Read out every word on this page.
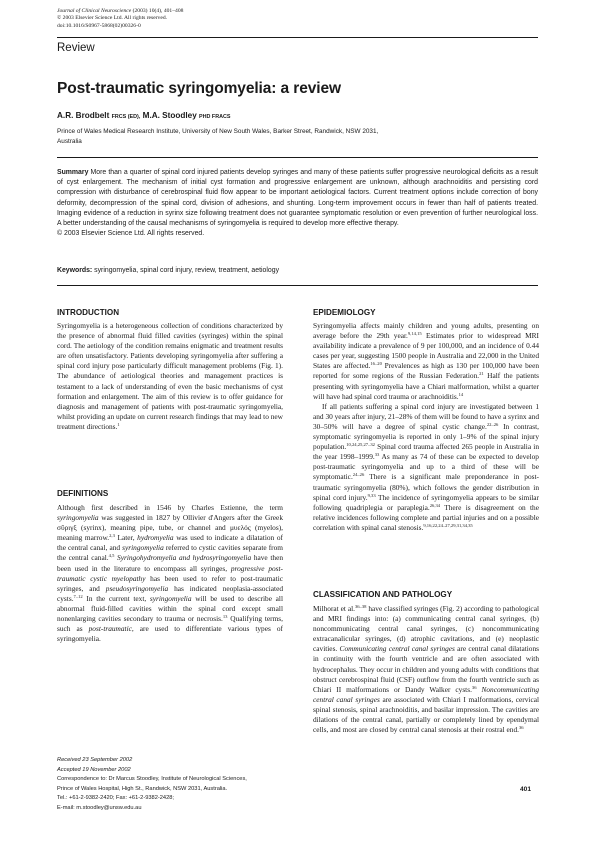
Journal of Clinical Neuroscience (2003) 10(4), 401–408
© 2003 Elsevier Science Ltd. All rights reserved.
doi:10.1016/S0967-5868(02)00326-0
Review
Post-traumatic syringomyelia: a review
A.R. Brodbelt FRCS (ED), M.A. Stoodley PHD FRACS
Prince of Wales Medical Research Institute, University of New South Wales, Barker Street, Randwick, NSW 2031,
Australia
Summary More than a quarter of spinal cord injured patients develop syringes and many of these patients suffer progressive neurological deficits as a result of cyst enlargement. The mechanism of initial cyst formation and progressive enlargement are unknown, although arachnoiditis and persisting cord compression with disturbance of cerebrospinal fluid flow appear to be important aetiological factors. Current treatment options include correction of bony deformity, decompression of the spinal cord, division of adhesions, and shunting. Long-term improvement occurs in fewer than half of patients treated. Imaging evidence of a reduction in syrinx size following treatment does not guarantee symptomatic resolution or even prevention of further neurological loss. A better understanding of the causal mechanisms of syringomyelia is required to develop more effective therapy.
© 2003 Elsevier Science Ltd. All rights reserved.
Keywords: syringomyelia, spinal cord injury, review, treatment, aetiology
INTRODUCTION

Syringomyelia is a heterogeneous collection of conditions characterized by the presence of abnormal fluid filled cavities (syringes) within the spinal cord. The aetiology of the condition remains enigmatic and treatment results are often unsatisfactory. Patients developing syringomyelia after suffering a spinal cord injury pose particularly difficult management problems (Fig. 1). The abundance of aetiological theories and management practices is testament to a lack of understanding of even the basic mechanisms of cyst formation and enlargement. The aim of this review is to offer guidance for diagnosis and management of patients with post-traumatic syringomyelia, whilst providing an update on current research findings that may lead to new treatment directions.$^1$

DEFINITIONS

Although first described in 1546 by Charles Estienne, the term syringomyelia was suggested in 1827 by Ollivier d'Angers after the Greek σῦριγξ (syrinx), meaning pipe, tube, or channel and μυελός (myelos), meaning marrow.$^{2,3}$ Later, hydromyelia was used to indicate a dilatation of the central canal, and syringomyelia referred to cystic cavities separate from the central canal.$^{4,5}$ Syringohydromyelia and hydrosyringomyelia have then been used in the literature to encompass all syringes, progressive post-traumatic cystic myelopathy has been used to refer to post-traumatic syringes, and pseudosyringomyelia has indicated neoplasia-associated cysts.$^{7-12}$ In the current text, syringomyelia will be used to describe all abnormal fluid-filled cavities within the spinal cord except small nonenlarging cavities secondary to trauma or necrosis.$^{13}$ Qualifying terms, such as post-traumatic, are used to differentiate various types of syringomyelia.

EPIDEMIOLOGY

Syringomyelia affects mainly children and young adults, presenting on average before the 29th year.$^{9,14,15}$ Estimates prior to widespread MRI availability indicate a prevalence of 9 per 100,000, and an incidence of 0.44 cases per year, suggesting 1500 people in Australia and 22,000 in the United States are affected.$^{16-20}$ Prevalences as high as 130 per 100,000 have been reported for some regions of the Russian Federation.$^{21}$ Half the patients presenting with syringomyelia have a Chiari malformation, whilst a quarter will have had spinal cord trauma or arachnoiditis.$^{14}$

If all patients suffering a spinal cord injury are investigated between 1 and 30 years after injury, 21–28% of them will be found to have a syrinx and 30–50% will have a degree of spinal cystic change.$^{22-26}$ In contrast, symptomatic syringomyelia is reported in only 1–9% of the spinal injury population.$^{10,24,25,27-32}$ Spinal cord trauma affected 265 people in Australia in the year 1998–1999.33 As many as 74 of these can be expected to develop post-traumatic syringomyelia and up to a third of these will be symptomatic.$^{24-26}$ There is a significant male preponderance in post-traumatic syringomyelia (80%), which follows the gender distribution in spinal cord injury.$^{9,33}$ The incidence of syringomyelia appears to be similar following quadriplegia or paraplegia.$^{26,34}$ There is disagreement on the relative incidences following complete and partial injuries and on a possible correlation with spinal canal stenosis.$^{9,16,22,24-27,29,31,34,35}$

CLASSIFICATION AND PATHOLOGY

Milhorat et al.$^{36-38}$ have classified syringes (Fig. 2) according to pathological and MRI findings into: (a) communicating central canal syringes, (b) noncommunicating central canal syringes, (c) noncommunicating extracanalicular syringes, (d) atrophic cavitations, and (e) neoplastic cavities. Communicating central canal syringes are central canal dilatations in continuity with the fourth ventricle and are often associated with hydrocephalus. They occur in children and young adults with conditions that obstruct cerebrospinal fluid (CSF) outflow from the fourth ventricle such as Chiari II malformations or Dandy Walker cysts.$^{36}$ Noncommunicating central canal syringes are associated with Chiari I malformations, cervical spinal stenosis, spinal arachnoiditis, and basilar impression. The cavities are dilations of the central canal, partially or completely lined by ependymal cells, and most are closed by central canal stenosis at their rostral end.$^{36}$

Received 23 September 2002
Accepted 19 November 2002
Correspondence to: Dr Marcus Stoodley, Institute of Neurological Sciences,
Prince of Wales Hospital, High St., Randwick, NSW 2031, Australia.
Tel.: +61-2-9382-2420; Fax: +61-2-9382-2428;
E-mail: m.stoodley@unsw.edu.au
401
